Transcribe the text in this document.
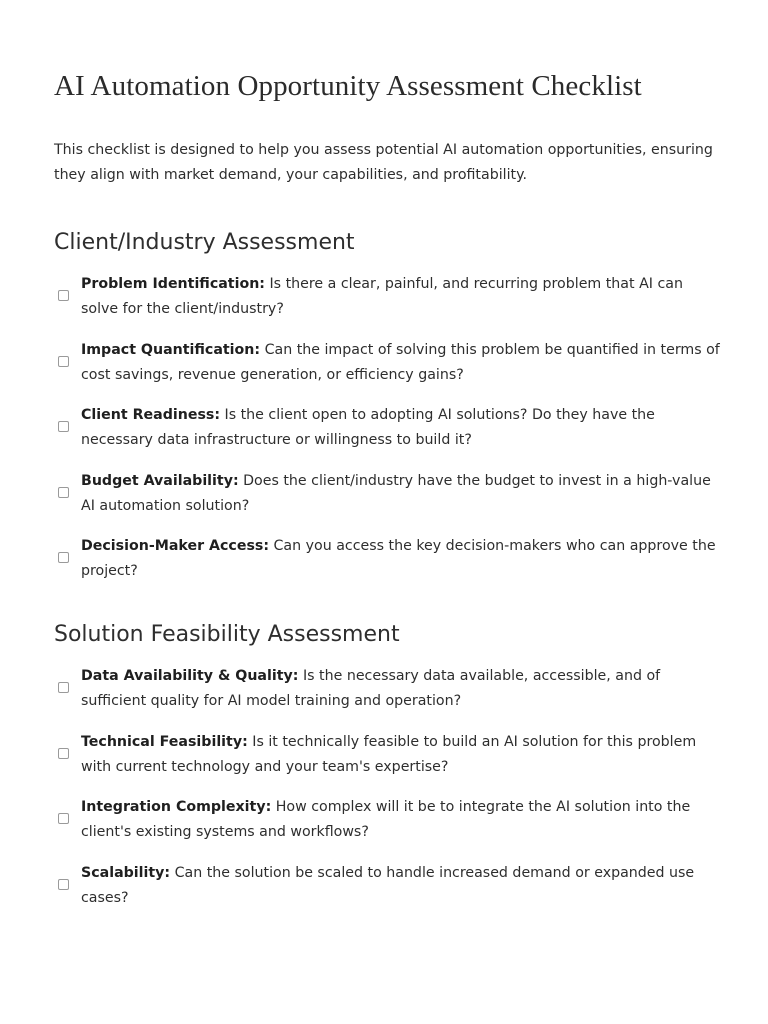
AI Automation Opportunity Assessment Checklist

This checklist is designed to help you assess potential AI automation opportunities, ensuring they align with market demand, your capabilities, and profitability.

Client/Industry Assessment
Problem Identification: Is there a clear, painful, and recurring problem that AI can solve for the client/industry?
Impact Quantification: Can the impact of solving this problem be quantified in terms of cost savings, revenue generation, or efficiency gains?
Client Readiness: Is the client open to adopting AI solutions? Do they have the necessary data infrastructure or willingness to build it?
Budget Availability: Does the client/industry have the budget to invest in a high-value AI automation solution?
Decision-Maker Access: Can you access the key decision-makers who can approve the project?
Solution Feasibility Assessment
Data Availability & Quality: Is the necessary data available, accessible, and of sufficient quality for AI model training and operation?
Technical Feasibility: Is it technically feasible to build an AI solution for this problem with current technology and your team's expertise?
Integration Complexity: How complex will it be to integrate the AI solution into the client's existing systems and workflows?
Scalability: Can the solution be scaled to handle increased demand or expanded use cases?
